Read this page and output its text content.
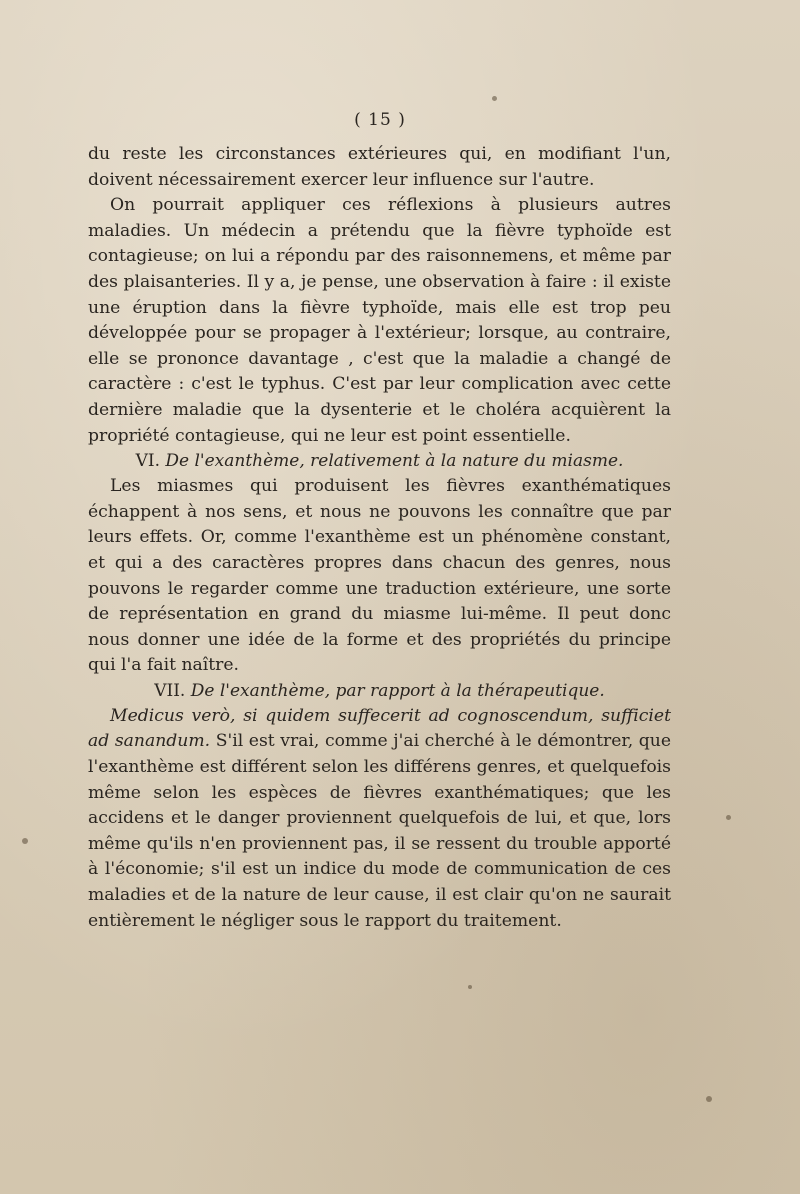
( 15 )

du reste les circonstances extérieures qui, en modifiant l'un, doivent nécessairement exercer leur influence sur l'autre.

On pourrait appliquer ces réflexions à plusieurs autres maladies. Un médecin a prétendu que la fièvre typhoïde est contagieuse; on lui a répondu par des raisonnemens, et même par des plaisanteries. Il y a, je pense, une observation à faire : il existe une éruption dans la fièvre typhoïde, mais elle est trop peu développée pour se propager à l'extérieur; lorsque, au contraire, elle se prononce davantage , c'est que la maladie a changé de caractère : c'est le typhus. C'est par leur complication avec cette dernière maladie que la dysenterie et le choléra acquièrent la propriété contagieuse, qui ne leur est point essentielle.

VI. De l'exanthème, relativement à la nature du miasme.

Les miasmes qui produisent les fièvres exanthématiques échappent à nos sens, et nous ne pouvons les connaître que par leurs effets. Or, comme l'exanthème est un phénomène constant, et qui a des caractères propres dans chacun des genres, nous pouvons le regarder comme une traduction extérieure, une sorte de représentation en grand du miasme lui-même. Il peut donc nous donner une idée de la forme et des propriétés du principe qui l'a fait naître.

VII. De l'exanthème, par rapport à la thérapeutique.

Medicus verò, si quidem suffecerit ad cognoscendum, sufficiet ad sanandum. S'il est vrai, comme j'ai cherché à le démontrer, que l'exanthème est différent selon les différens genres, et quelquefois même selon les espèces de fièvres exanthématiques; que les accidens et le danger proviennent quelquefois de lui, et que, lors même qu'ils n'en proviennent pas, il se ressent du trouble apporté à l'économie; s'il est un indice du mode de communication de ces maladies et de la nature de leur cause, il est clair qu'on ne saurait entièrement le négliger sous le rapport du traitement.
